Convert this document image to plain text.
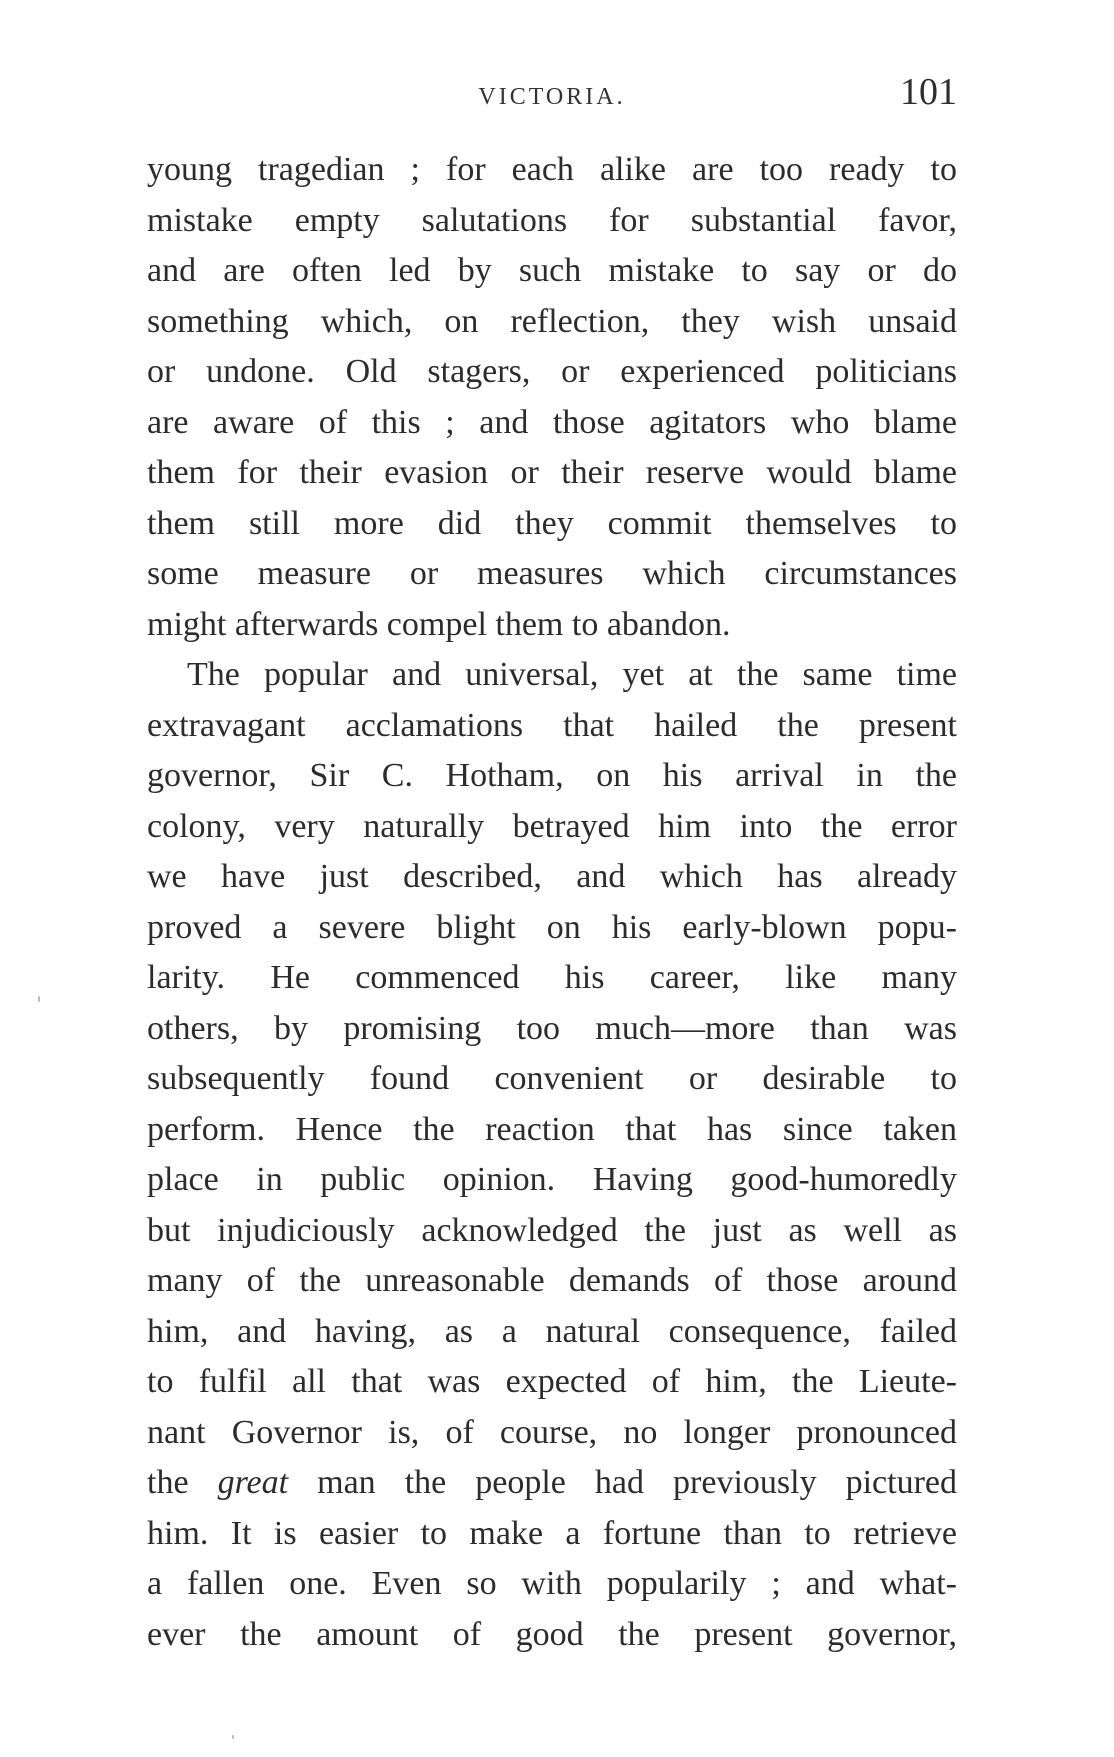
VICTORIA.	101
young tragedian ; for each alike are too ready to
mistake empty salutations for substantial favor,
and are often led by such mistake to say or do
something which, on reflection, they wish unsaid
or undone. Old stagers, or experienced politicians
are aware of this ; and those agitators who blame
them for their evasion or their reserve would blame
them still more did they commit themselves to
some measure or measures which circumstances
might afterwards compel them to abandon.
The popular and universal, yet at the same time
extravagant acclamations that hailed the present
governor, Sir C. Hotham, on his arrival in the
colony, very naturally betrayed him into the error
we have just described, and which has already
proved a severe blight on his early-blown popu-
larity. He commenced his career, like many
others, by promising too much—more than was
subsequently found convenient or desirable to
perform. Hence the reaction that has since taken
place in public opinion. Having good-humoredly
but injudiciously acknowledged the just as well as
many of the unreasonable demands of those around
him, and having, as a natural consequence, failed
to fulfil all that was expected of him, the Lieute-
nant Governor is, of course, no longer pronounced
the great man the people had previously pictured
him. It is easier to make a fortune than to retrieve
a fallen one. Even so with popularily ; and what-
ever the amount of good the present governor,
